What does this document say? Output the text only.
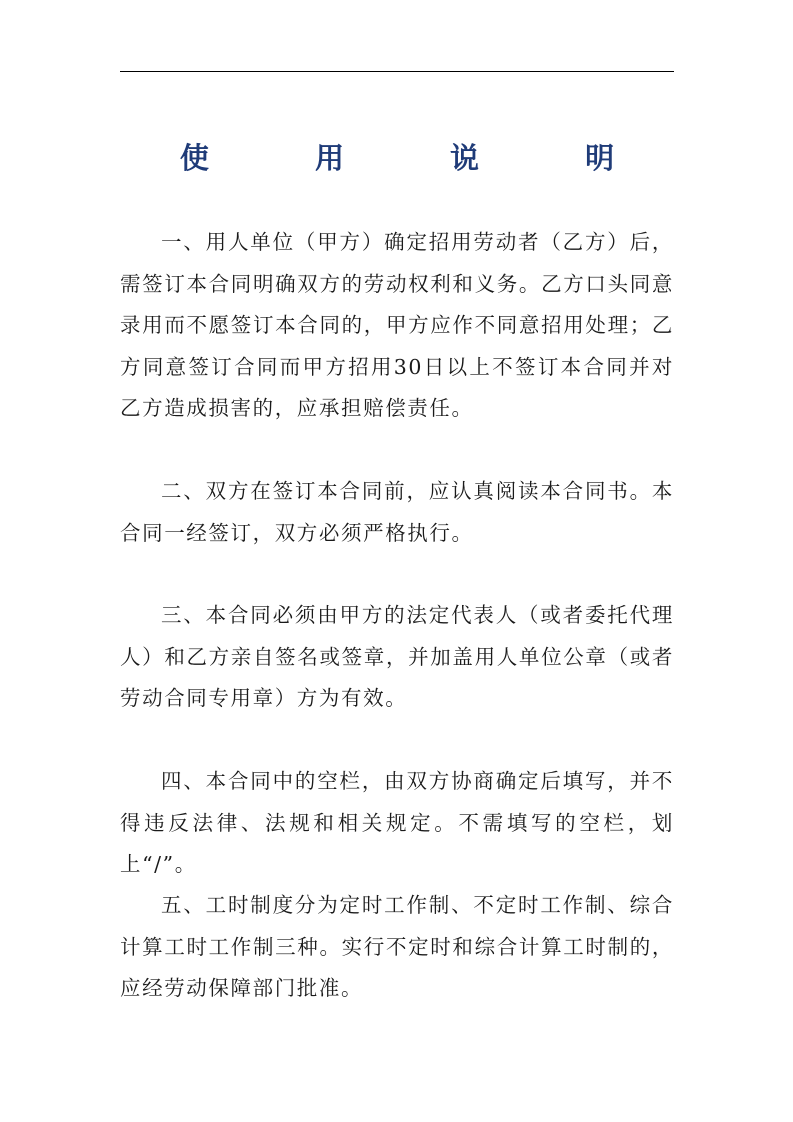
使 用 说 明

一、用人单位（甲方）确定招用劳动者（乙方）后，需签订本合同明确双方的劳动权利和义务。乙方口头同意录用而不愿签订本合同的，甲方应作不同意招用处理；乙方同意签订合同而甲方招用30日以上不签订本合同并对乙方造成损害的，应承担赔偿责任。

二、双方在签订本合同前，应认真阅读本合同书。本合同一经签订，双方必须严格执行。

三、本合同必须由甲方的法定代表人（或者委托代理人）和乙方亲自签名或签章，并加盖用人单位公章（或者劳动合同专用章）方为有效。

四、本合同中的空栏，由双方协商确定后填写，并不得违反法律、法规和相关规定。不需填写的空栏，划上“/”。

五、工时制度分为定时工作制、不定时工作制、综合计算工时工作制三种。实行不定时和综合计算工时制的，应经劳动保障部门批准。
